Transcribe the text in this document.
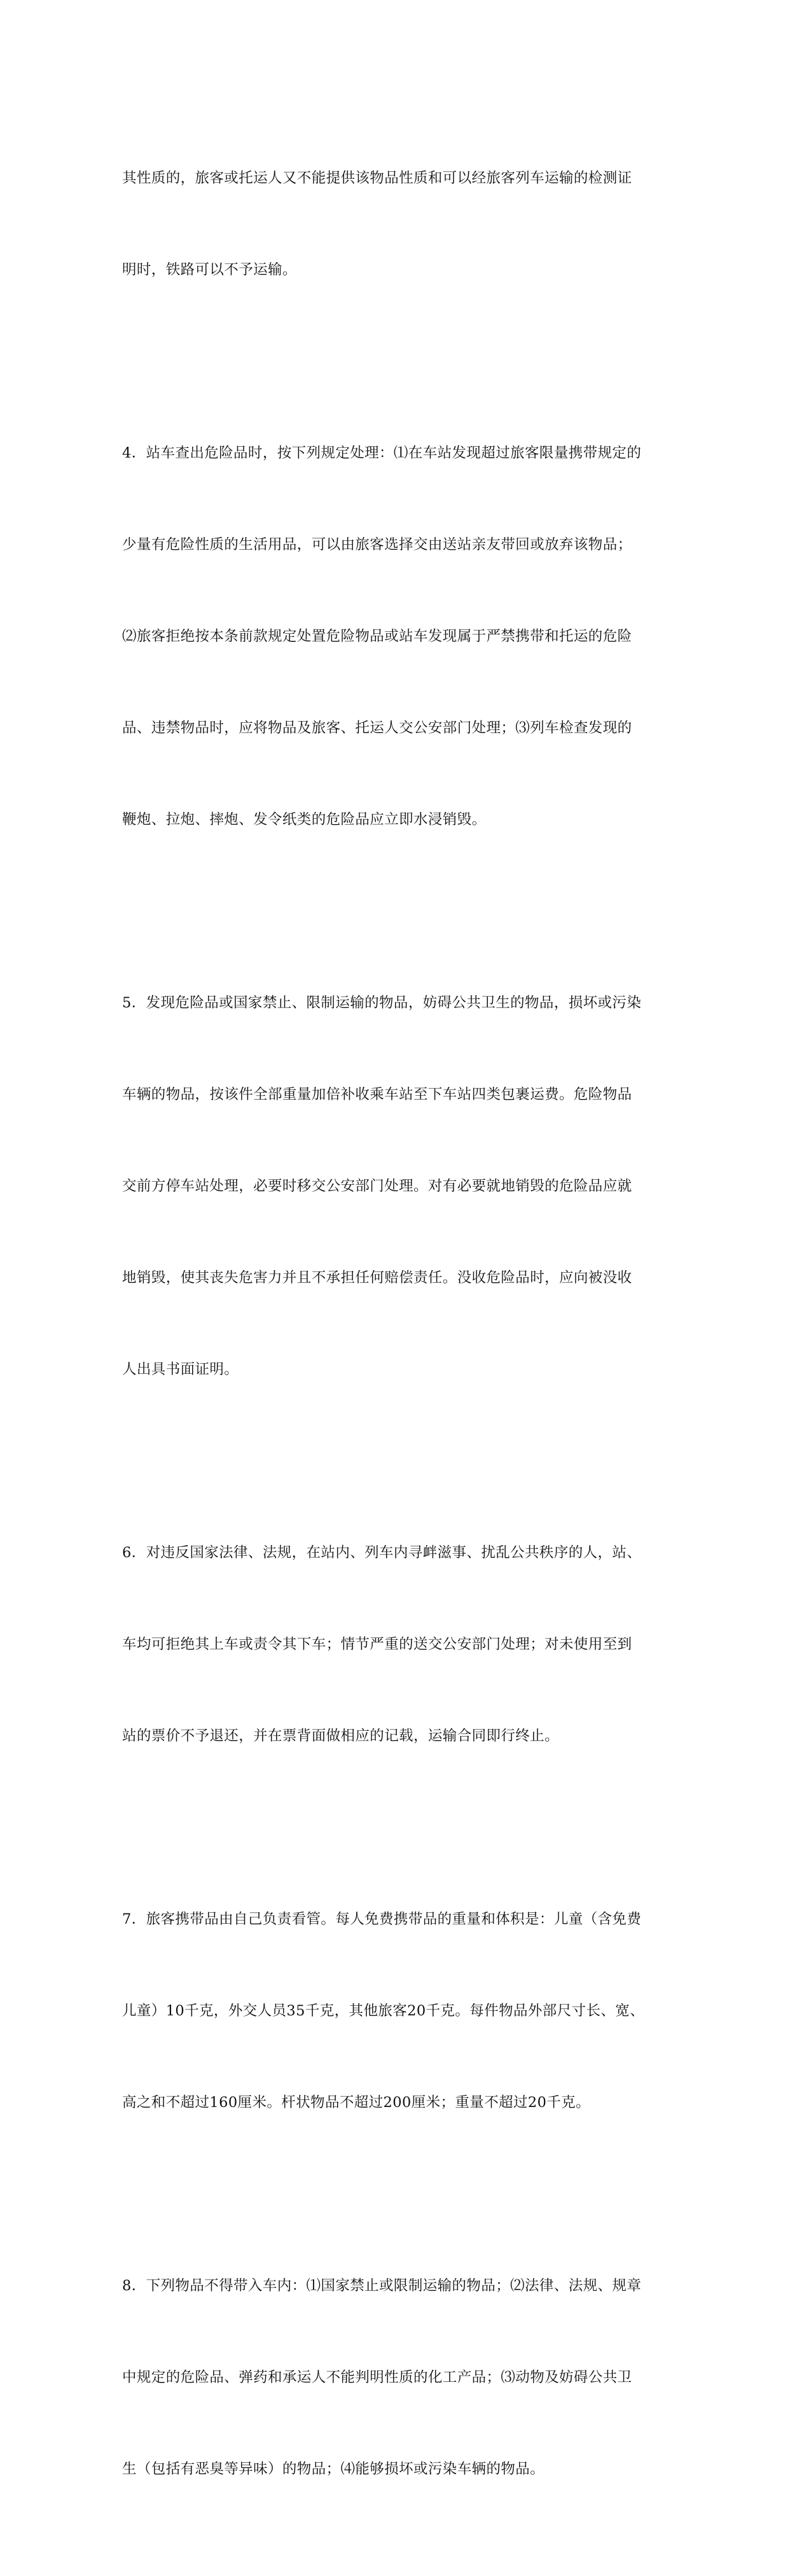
其性质的，旅客或托运人又不能提供该物品性质和可以经旅客列车运输的检测证

明时，铁路可以不予运输。

4．站车查出危险品时，按下列规定处理：⑴在车站发现超过旅客限量携带规定的

少量有危险性质的生活用品，可以由旅客选择交由送站亲友带回或放弃该物品；

⑵旅客拒绝按本条前款规定处置危险物品或站车发现属于严禁携带和托运的危险

品、违禁物品时，应将物品及旅客、托运人交公安部门处理；⑶列车检查发现的

鞭炮、拉炮、摔炮、发令纸类的危险品应立即水浸销毁。

5．发现危险品或国家禁止、限制运输的物品，妨碍公共卫生的物品，损坏或污染

车辆的物品，按该件全部重量加倍补收乘车站至下车站四类包裹运费。危险物品

交前方停车站处理，必要时移交公安部门处理。对有必要就地销毁的危险品应就

地销毁，使其丧失危害力并且不承担任何赔偿责任。没收危险品时，应向被没收

人出具书面证明。

6．对违反国家法律、法规，在站内、列车内寻衅滋事、扰乱公共秩序的人，站、

车均可拒绝其上车或责令其下车；情节严重的送交公安部门处理；对未使用至到

站的票价不予退还，并在票背面做相应的记载，运输合同即行终止。

7．旅客携带品由自己负责看管。每人免费携带品的重量和体积是：儿童（含免费

儿童）10千克，外交人员35千克，其他旅客20千克。每件物品外部尺寸长、宽、

高之和不超过160厘米。杆状物品不超过200厘米；重量不超过20千克。

8．下列物品不得带入车内：⑴国家禁止或限制运输的物品；⑵法律、法规、规章

中规定的危险品、弹药和承运人不能判明性质的化工产品；⑶动物及妨碍公共卫

生（包括有恶臭等异味）的物品；⑷能够损坏或污染车辆的物品。
